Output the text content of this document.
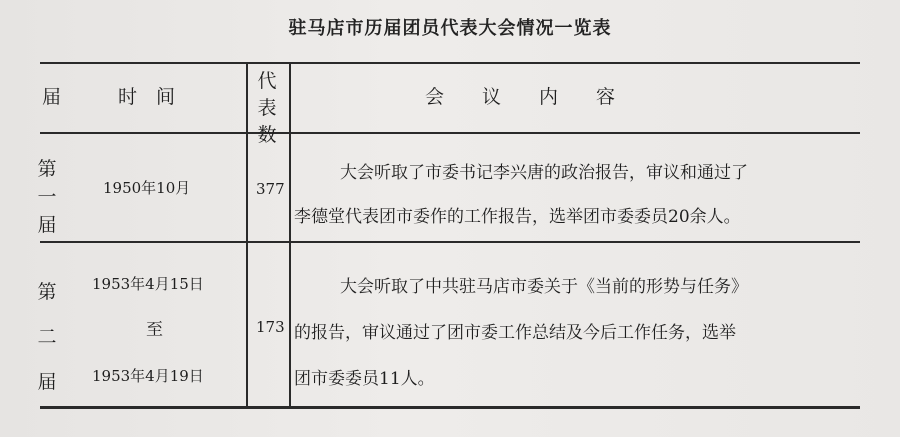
驻马店市历届团员代表大会情况一览表
届	时　间
代
表
数
会　　议　　内　　容
第
一
届
1950年10月	377
大会听取了市委书记李兴唐的政治报告，审议和通过了
李德堂代表团市委作的工作报告，选举团市委委员20余人。
第
二
届
1953年4月15日
至
1953年4月19日
173
大会听取了中共驻马店市委关于《当前的形势与任务》
的报告，审议通过了团市委工作总结及今后工作任务，选举
团市委委员11人。
